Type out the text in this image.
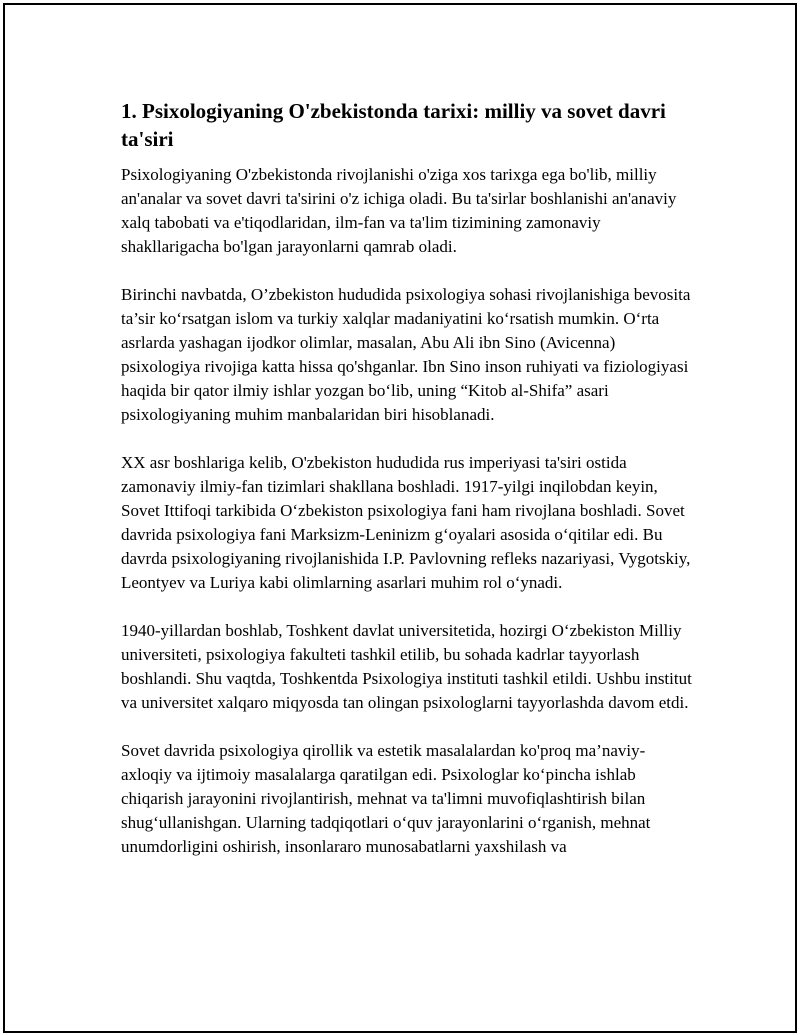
1. Psixologiyaning O'zbekistonda tarixi: milliy va sovet davri ta'siri

Psixologiyaning O'zbekistonda rivojlanishi o'ziga xos tarixga ega bo'lib, milliy an'analar va sovet davri ta'sirini o'z ichiga oladi. Bu ta'sirlar boshlanishi an'anaviy xalq tabobati va e'tiqodlaridan, ilm-fan va ta'lim tizimining zamonaviy shakllarigacha bo'lgan jarayonlarni qamrab oladi.

Birinchi navbatda, O’zbekiston hududida psixologiya sohasi rivojlanishiga bevosita ta’sir ko‘rsatgan islom va turkiy xalqlar madaniyatini ko‘rsatish mumkin. O‘rta asrlarda yashagan ijodkor olimlar, masalan, Abu Ali ibn Sino (Avicenna) psixologiya rivojiga katta hissa qo'shganlar. Ibn Sino inson ruhiyati va fiziologiyasi haqida bir qator ilmiy ishlar yozgan bo‘lib, uning “Kitob al-Shifa” asari psixologiyaning muhim manbalaridan biri hisoblanadi.

XX asr boshlariga kelib, O'zbekiston hududida rus imperiyasi ta'siri ostida zamonaviy ilmiy-fan tizimlari shakllana boshladi. 1917-yilgi inqilobdan keyin, Sovet Ittifoqi tarkibida O‘zbekiston psixologiya fani ham rivojlana boshladi. Sovet davrida psixologiya fani Marksizm-Leninizm g‘oyalari asosida o‘qitilar edi. Bu davrda psixologiyaning rivojlanishida I.P. Pavlovning refleks nazariyasi, Vygotskiy, Leontyev va Luriya kabi olimlarning asarlari muhim rol o‘ynadi.

1940-yillardan boshlab, Toshkent davlat universitetida, hozirgi O‘zbekiston Milliy universiteti, psixologiya fakulteti tashkil etilib, bu sohada kadrlar tayyorlash boshlandi. Shu vaqtda, Toshkentda Psixologiya instituti tashkil etildi. Ushbu institut va universitet xalqaro miqyosda tan olingan psixologlarni tayyorlashda davom etdi.

Sovet davrida psixologiya qirollik va estetik masalalardan ko'proq ma’naviy-axloqiy va ijtimoiy masalalarga qaratilgan edi. Psixologlar ko‘pincha ishlab chiqarish jarayonini rivojlantirish, mehnat va ta'limni muvofiqlashtirish bilan shug‘ullanishgan. Ularning tadqiqotlari o‘quv jarayonlarini o‘rganish, mehnat unumdorligini oshirish, insonlararo munosabatlarni yaxshilash va
